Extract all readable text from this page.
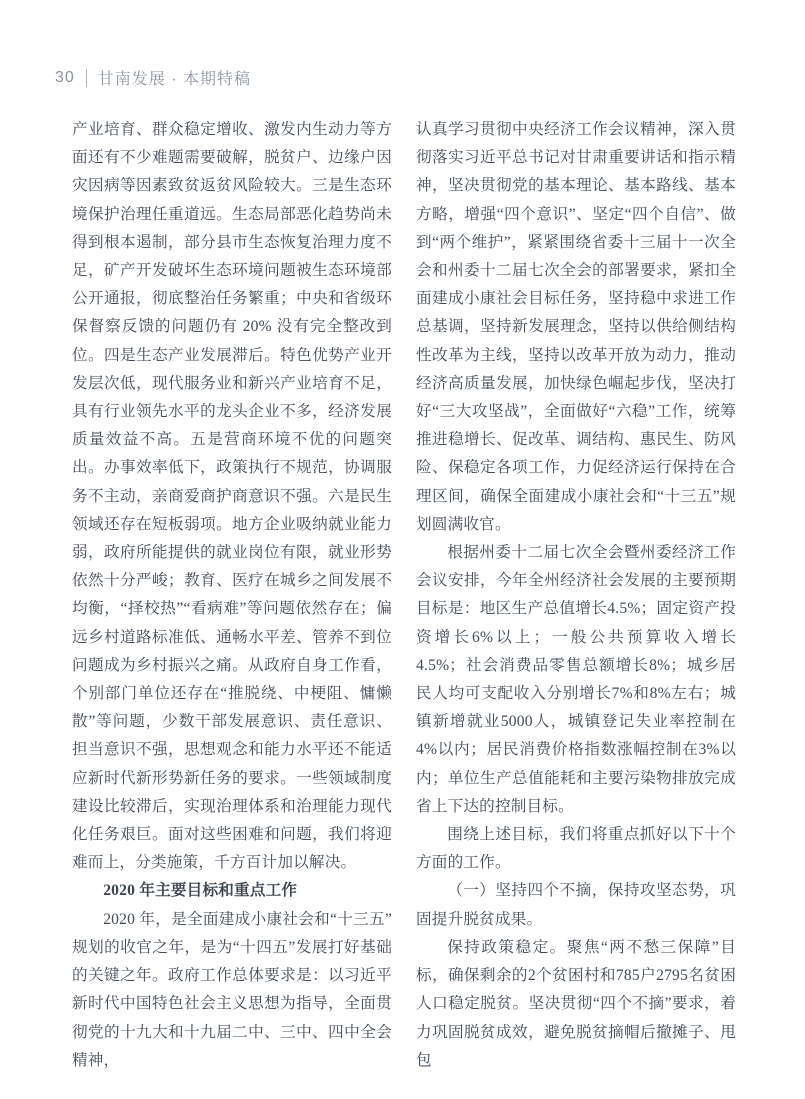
30 甘南发展 · 本期特稿

产业培育、群众稳定增收、激发内生动力等方面还有不少难题需要破解，脱贫户、边缘户因灾因病等因素致贫返贫风险较大。三是生态环境保护治理任重道远。生态局部恶化趋势尚未得到根本遏制，部分县市生态恢复治理力度不足，矿产开发破坏生态环境问题被生态环境部公开通报，彻底整治任务繁重；中央和省级环保督察反馈的问题仍有 20% 没有完全整改到位。四是生态产业发展滞后。特色优势产业开发层次低，现代服务业和新兴产业培育不足，具有行业领先水平的龙头企业不多，经济发展质量效益不高。五是营商环境不优的问题突出。办事效率低下，政策执行不规范，协调服务不主动，亲商爱商护商意识不强。六是民生领域还存在短板弱项。地方企业吸纳就业能力弱，政府所能提供的就业岗位有限，就业形势依然十分严峻；教育、医疗在城乡之间发展不均衡，“择校热”“看病难”等问题依然存在；偏远乡村道路标准低、通畅水平差、管养不到位问题成为乡村振兴之痛。从政府自身工作看，个别部门单位还存在“推脱绕、中梗阻、慵懒散”等问题，少数干部发展意识、责任意识、担当意识不强，思想观念和能力水平还不能适应新时代新形势新任务的要求。一些领域制度建设比较滞后，实现治理体系和治理能力现代化任务艰巨。面对这些困难和问题，我们将迎难而上，分类施策，千方百计加以解决。

2020 年主要目标和重点工作

2020 年，是全面建成小康社会和“十三五”规划的收官之年，是为“十四五”发展打好基础的关键之年。政府工作总体要求是：以习近平新时代中国特色社会主义思想为指导，全面贯彻党的十九大和十九届二中、三中、四中全会精神，

认真学习贯彻中央经济工作会议精神，深入贯彻落实习近平总书记对甘肃重要讲话和指示精神，坚决贯彻党的基本理论、基本路线、基本方略，增强“四个意识”、坚定“四个自信”、做到“两个维护”，紧紧围绕省委十三届十一次全会和州委十二届七次全会的部署要求，紧扣全面建成小康社会目标任务，坚持稳中求进工作总基调，坚持新发展理念，坚持以供给侧结构性改革为主线，坚持以改革开放为动力，推动经济高质量发展，加快绿色崛起步伐，坚决打好“三大攻坚战”，全面做好“六稳”工作，统筹推进稳增长、促改革、调结构、惠民生、防风险、保稳定各项工作，力促经济运行保持在合理区间，确保全面建成小康社会和“十三五”规划圆满收官。

根据州委十二届七次全会暨州委经济工作会议安排，今年全州经济社会发展的主要预期目标是：地区生产总值增长4.5%；固定资产投资增长6%以上；一般公共预算收入增长4.5%；社会消费品零售总额增长8%；城乡居民人均可支配收入分别增长7%和8%左右；城镇新增就业5000人，城镇登记失业率控制在4%以内；居民消费价格指数涨幅控制在3%以内；单位生产总值能耗和主要污染物排放完成省上下达的控制目标。

围绕上述目标，我们将重点抓好以下十个方面的工作。

（一）坚持四个不摘，保持攻坚态势，巩固提升脱贫成果。

保持政策稳定。聚焦“两不愁三保障”目标，确保剩余的2个贫困村和785户2795名贫困人口稳定脱贫。坚决贯彻“四个不摘”要求，着力巩固脱贫成效，避免脱贫摘帽后撤摊子、甩包
